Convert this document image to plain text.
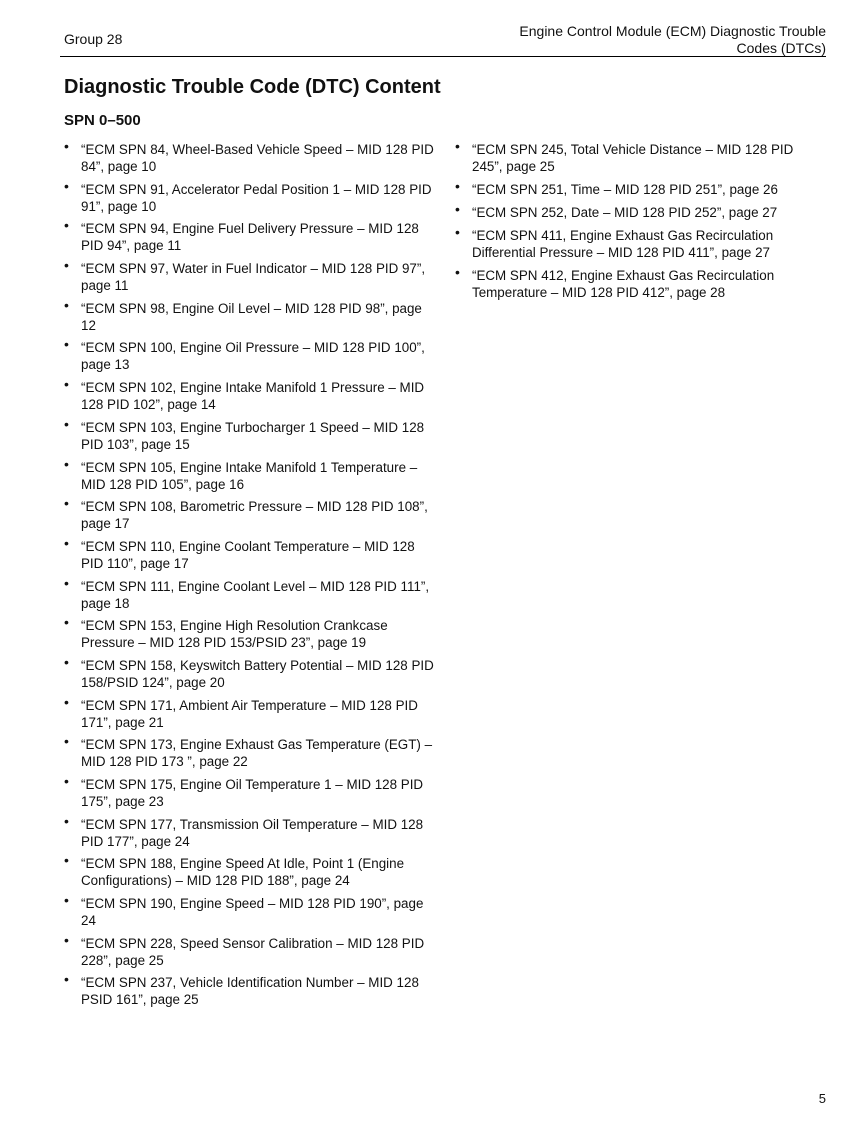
Group 28	Engine Control Module (ECM) Diagnostic Trouble
Codes (DTCs)
Diagnostic Trouble Code (DTC) Content
SPN 0–500
• “ECM SPN 84, Wheel-Based Vehicle Speed – MID 128 PID 84”, page 10
• “ECM SPN 91, Accelerator Pedal Position 1 – MID 128 PID 91”, page 10
• “ECM SPN 94, Engine Fuel Delivery Pressure – MID 128 PID 94”, page 11
• “ECM SPN 97, Water in Fuel Indicator – MID 128 PID 97”, page 11
• “ECM SPN 98, Engine Oil Level – MID 128 PID 98”, page 12
• “ECM SPN 100, Engine Oil Pressure – MID 128 PID 100”, page 13
• “ECM SPN 102, Engine Intake Manifold 1 Pressure – MID 128 PID 102”, page 14
• “ECM SPN 103, Engine Turbocharger 1 Speed – MID 128 PID 103”, page 15
• “ECM SPN 105, Engine Intake Manifold 1 Temperature – MID 128 PID 105”, page 16
• “ECM SPN 108, Barometric Pressure – MID 128 PID 108”, page 17
• “ECM SPN 110, Engine Coolant Temperature – MID 128 PID 110”, page 17
• “ECM SPN 111, Engine Coolant Level – MID 128 PID 111”, page 18
• “ECM SPN 153, Engine High Resolution Crankcase Pressure – MID 128 PID 153/PSID 23”, page 19
• “ECM SPN 158, Keyswitch Battery Potential – MID 128 PID 158/PSID 124”, page 20
• “ECM SPN 171, Ambient Air Temperature – MID 128 PID 171”, page 21
• “ECM SPN 173, Engine Exhaust Gas Temperature (EGT) – MID 128 PID 173 ”, page 22
• “ECM SPN 175, Engine Oil Temperature 1 – MID 128 PID 175”, page 23
• “ECM SPN 177, Transmission Oil Temperature – MID 128 PID 177”, page 24
• “ECM SPN 188, Engine Speed At Idle, Point 1 (Engine Configurations) – MID 128 PID 188”, page 24
• “ECM SPN 190, Engine Speed – MID 128 PID 190”, page 24
• “ECM SPN 228, Speed Sensor Calibration – MID 128 PID 228”, page 25
• “ECM SPN 237, Vehicle Identification Number – MID 128 PSID 161”, page 25
• “ECM SPN 245, Total Vehicle Distance – MID 128 PID 245”, page 25
• “ECM SPN 251, Time – MID 128 PID 251”, page 26
• “ECM SPN 252, Date – MID 128 PID 252”, page 27
• “ECM SPN 411, Engine Exhaust Gas Recirculation Differential Pressure – MID 128 PID 411”, page 27
• “ECM SPN 412, Engine Exhaust Gas Recirculation Temperature – MID 128 PID 412”, page 28
5
